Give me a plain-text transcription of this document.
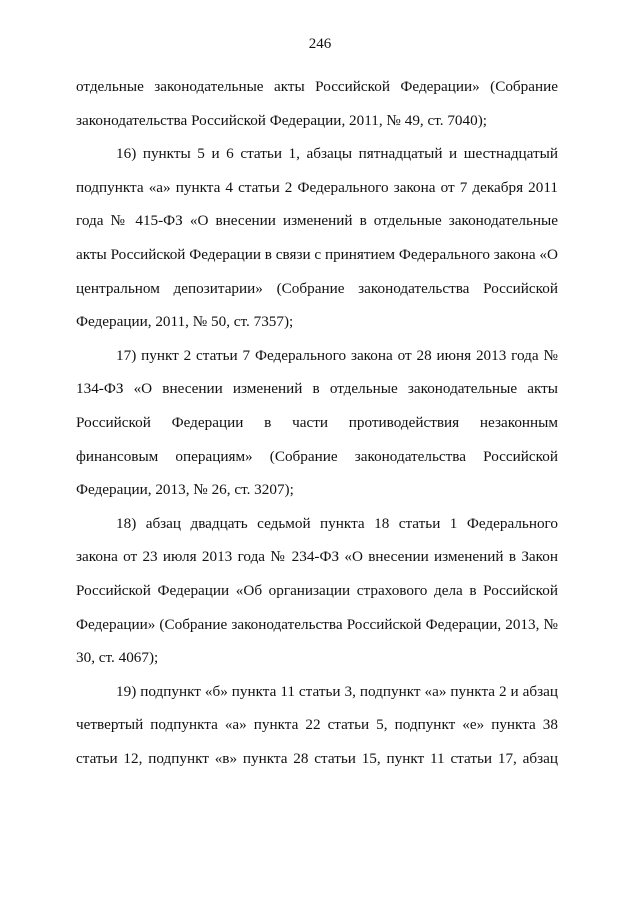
246

отдельные законодательные акты Российской Федерации» (Собрание законодательства Российской Федерации, 2011, № 49, ст. 7040);

16) пункты 5 и 6 статьи 1, абзацы пятнадцатый и шестнадцатый подпункта «а» пункта 4 статьи 2 Федерального закона от 7 декабря 2011 года № 415-ФЗ «О внесении изменений в отдельные законодательные акты Российской Федерации в связи с принятием Федерального закона «О центральном депозитарии» (Собрание законодательства Российской Федерации, 2011, № 50, ст. 7357);

17) пункт 2 статьи 7 Федерального закона от 28 июня 2013 года № 134-ФЗ «О внесении изменений в отдельные законодательные акты Российской Федерации в части противодействия незаконным финансовым операциям» (Собрание законодательства Российской Федерации, 2013, № 26, ст. 3207);

18) абзац двадцать седьмой пункта 18 статьи 1 Федерального закона от 23 июля 2013 года № 234-ФЗ «О внесении изменений в Закон Российской Федерации «Об организации страхового дела в Российской Федерации» (Собрание законодательства Российской Федерации, 2013, № 30, ст. 4067);

19) подпункт «б» пункта 11 статьи 3, подпункт «а» пункта 2 и абзац четвертый подпункта «а» пункта 22 статьи 5, подпункт «е» пункта 38 статьи 12, подпункт «в» пункта 28 статьи 15, пункт 11 статьи 17, абзац
